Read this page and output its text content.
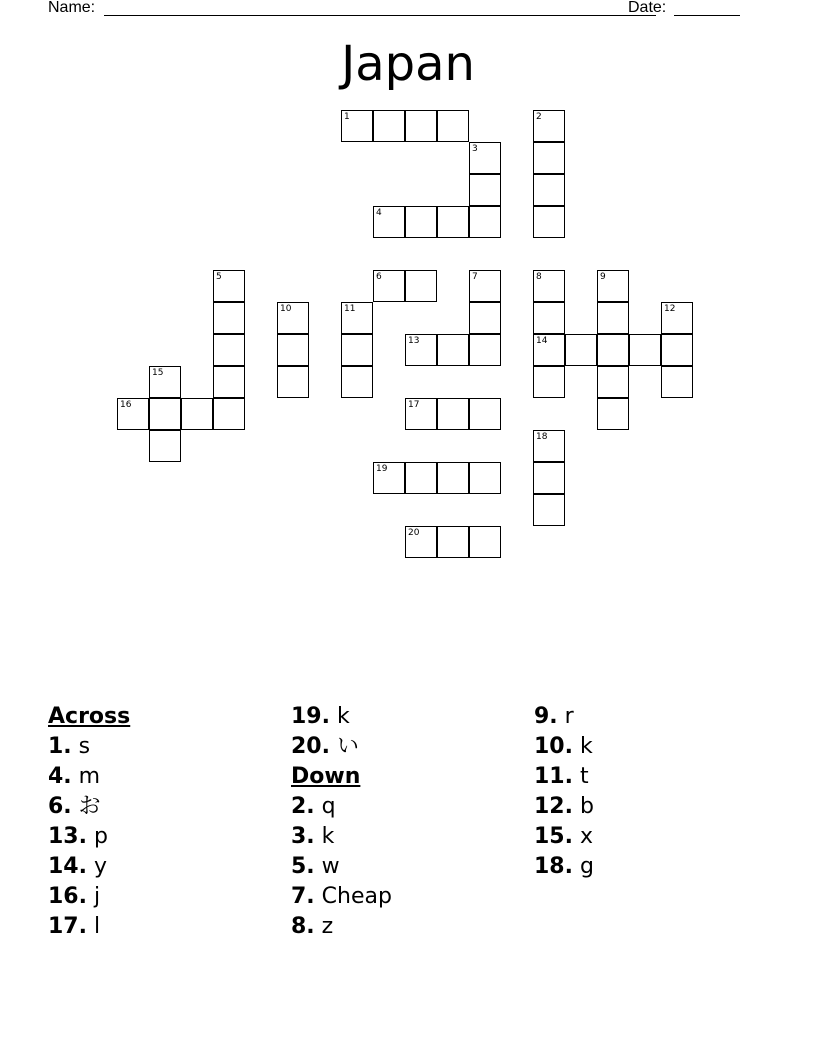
Name:	Date:
Japan
1
3
4
2
5
16
15
10	11
6	7
13
17
8
14
9
12
18
19
20
Across
1. s
4. m
6. お
13. p
14. y
16. j
17. l
19. k
20. い
Down
2. q
3. k
5. w
7. Cheap
8. z
9. r
10. k
11. t
12. b
15. x
18. g
